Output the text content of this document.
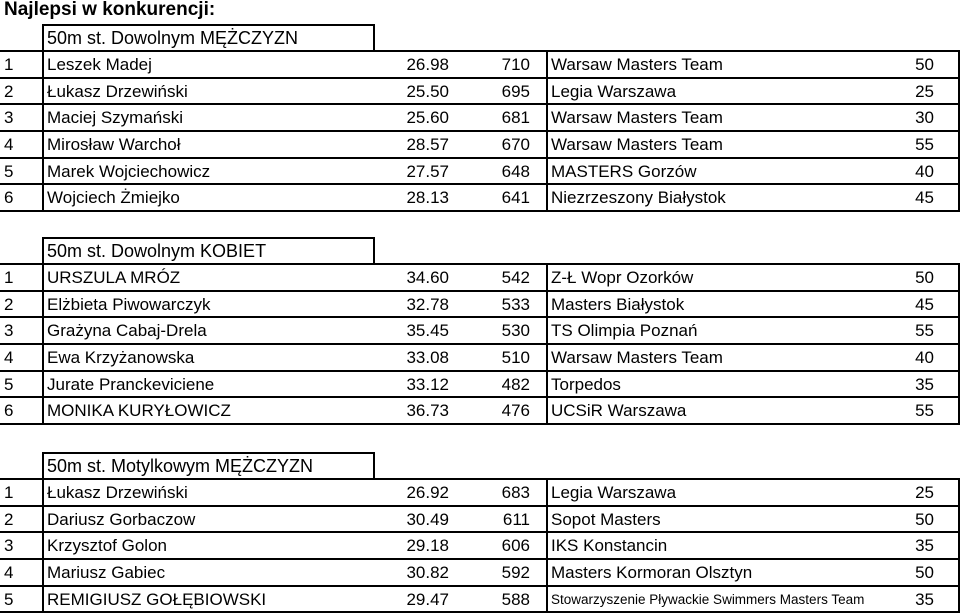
Najlepsi w konkurencji:
50m st. Dowolnym MĘŻCZYZN
1	Leszek Madej	26.98	710 Warsaw Masters Team	50
2	Łukasz Drzewiński	25.50	695 Legia Warszawa	25
3	Maciej Szymański	25.60	681 Warsaw Masters Team	30
4	Mirosław Warchoł	28.57	670 Warsaw Masters Team	55
5	Marek Wojciechowicz	27.57	648 MASTERS Gorzów	40
6	Wojciech Żmiejko	28.13	641 Niezrzeszony Białystok	45
50m st. Dowolnym KOBIET
1	URSZULA MRÓZ	34.60	542 Z-Ł Wopr Ozorków	50
2	Elżbieta Piwowarczyk	32.78	533 Masters Białystok	45
3	Grażyna Cabaj-Drela	35.45	530 TS Olimpia Poznań	55
4	Ewa Krzyżanowska	33.08	510 Warsaw Masters Team	40
5	Jurate Pranckeviciene	33.12	482 Torpedos	35
6	MONIKA KURYŁOWICZ	36.73	476 UCSiR Warszawa	55
50m st. Motylkowym MĘŻCZYZN
1	Łukasz Drzewiński	26.92	683 Legia Warszawa	25
2	Dariusz Gorbaczow	30.49	611 Sopot Masters	50
3	Krzysztof Golon	29.18	606 IKS Konstancin	35
4	Mariusz Gabiec	30.82	592 Masters Kormoran Olsztyn	50
5	REMIGIUSZ GOŁĘBIOWSKI	29.47	588	Stowarzyszenie Pływackie Swimmers Masters Team	35
